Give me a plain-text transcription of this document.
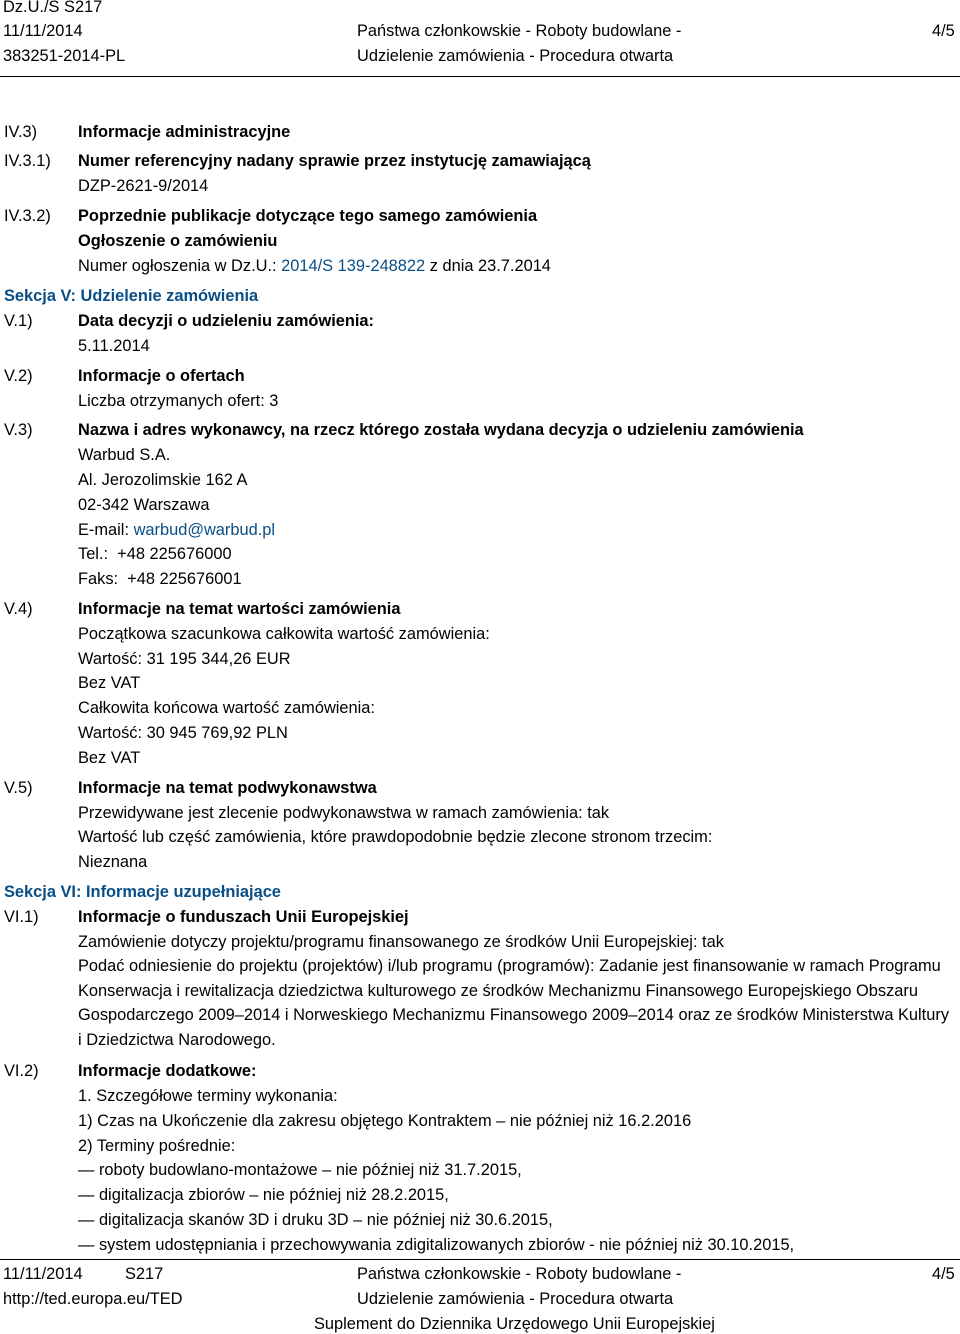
Dz.U./S S217
11/11/2014
383251-2014-PL
Państwa członkowskie - Roboty budowlane -
Udzielenie zamówienia - Procedura otwarta
4/5
IV.3) Informacje administracyjne
IV.3.1) Numer referencyjny nadany sprawie przez instytucję zamawiającą
DZP-2621-9/2014
IV.3.2) Poprzednie publikacje dotyczące tego samego zamówienia
Ogłoszenie o zamówieniu
Numer ogłoszenia w Dz.U.: 2014/S 139-248822 z dnia 23.7.2014
Sekcja V: Udzielenie zamówienia
V.1)	Data decyzji o udzieleniu zamówienia:
5.11.2014
V.2)	Informacje o ofertach
Liczba otrzymanych ofert: 3
V.3)	Nazwa i adres wykonawcy, na rzecz którego została wydana decyzja o udzieleniu zamówienia
Warbud S.A.
Al. Jerozolimskie 162 A
02-342 Warszawa
E-mail: warbud@warbud.pl
Tel.:  +48 225676000
Faks:  +48 225676001
V.4)	Informacje na temat wartości zamówienia
Początkowa szacunkowa całkowita wartość zamówienia:
Wartość: 31 195 344,26 EUR
Bez VAT
Całkowita końcowa wartość zamówienia:
Wartość: 30 945 769,92 PLN
Bez VAT
V.5)	Informacje na temat podwykonawstwa
Przewidywane jest zlecenie podwykonawstwa w ramach zamówienia: tak
Wartość lub część zamówienia, które prawdopodobnie będzie zlecone stronom trzecim:
Nieznana
Sekcja VI: Informacje uzupełniające
VI.1) Informacje o funduszach Unii Europejskiej
Zamówienie dotyczy projektu/programu finansowanego ze środków Unii Europejskiej: tak
Podać odniesienie do projektu (projektów) i/lub programu (programów): Zadanie jest finansowanie w ramach Programu Konserwacja i rewitalizacja dziedzictwa kulturowego ze środków Mechanizmu Finansowego Europejskiego Obszaru Gospodarczego 2009–2014 i Norweskiego Mechanizmu Finansowego 2009–2014 oraz ze środków Ministerstwa Kultury i Dziedzictwa Narodowego.
VI.2) Informacje dodatkowe:
1. Szczegółowe terminy wykonania:
1) Czas na Ukończenie dla zakresu objętego Kontraktem – nie później niż 16.2.2016
2) Terminy pośrednie:
— roboty budowlano-montażowe – nie później niż 31.7.2015,
— digitalizacja zbiorów – nie później niż 28.2.2015,
— digitalizacja skanów 3D i druku 3D – nie później niż 30.6.2015,
— system udostępniania i przechowywania zdigitalizowanych zbiorów - nie później niż 30.10.2015,
11/11/2014	S217
http://ted.europa.eu/TED
Państwa członkowskie - Roboty budowlane -
Udzielenie zamówienia - Procedura otwarta
Suplement do Dziennika Urzędowego Unii Europejskiej
4/5
